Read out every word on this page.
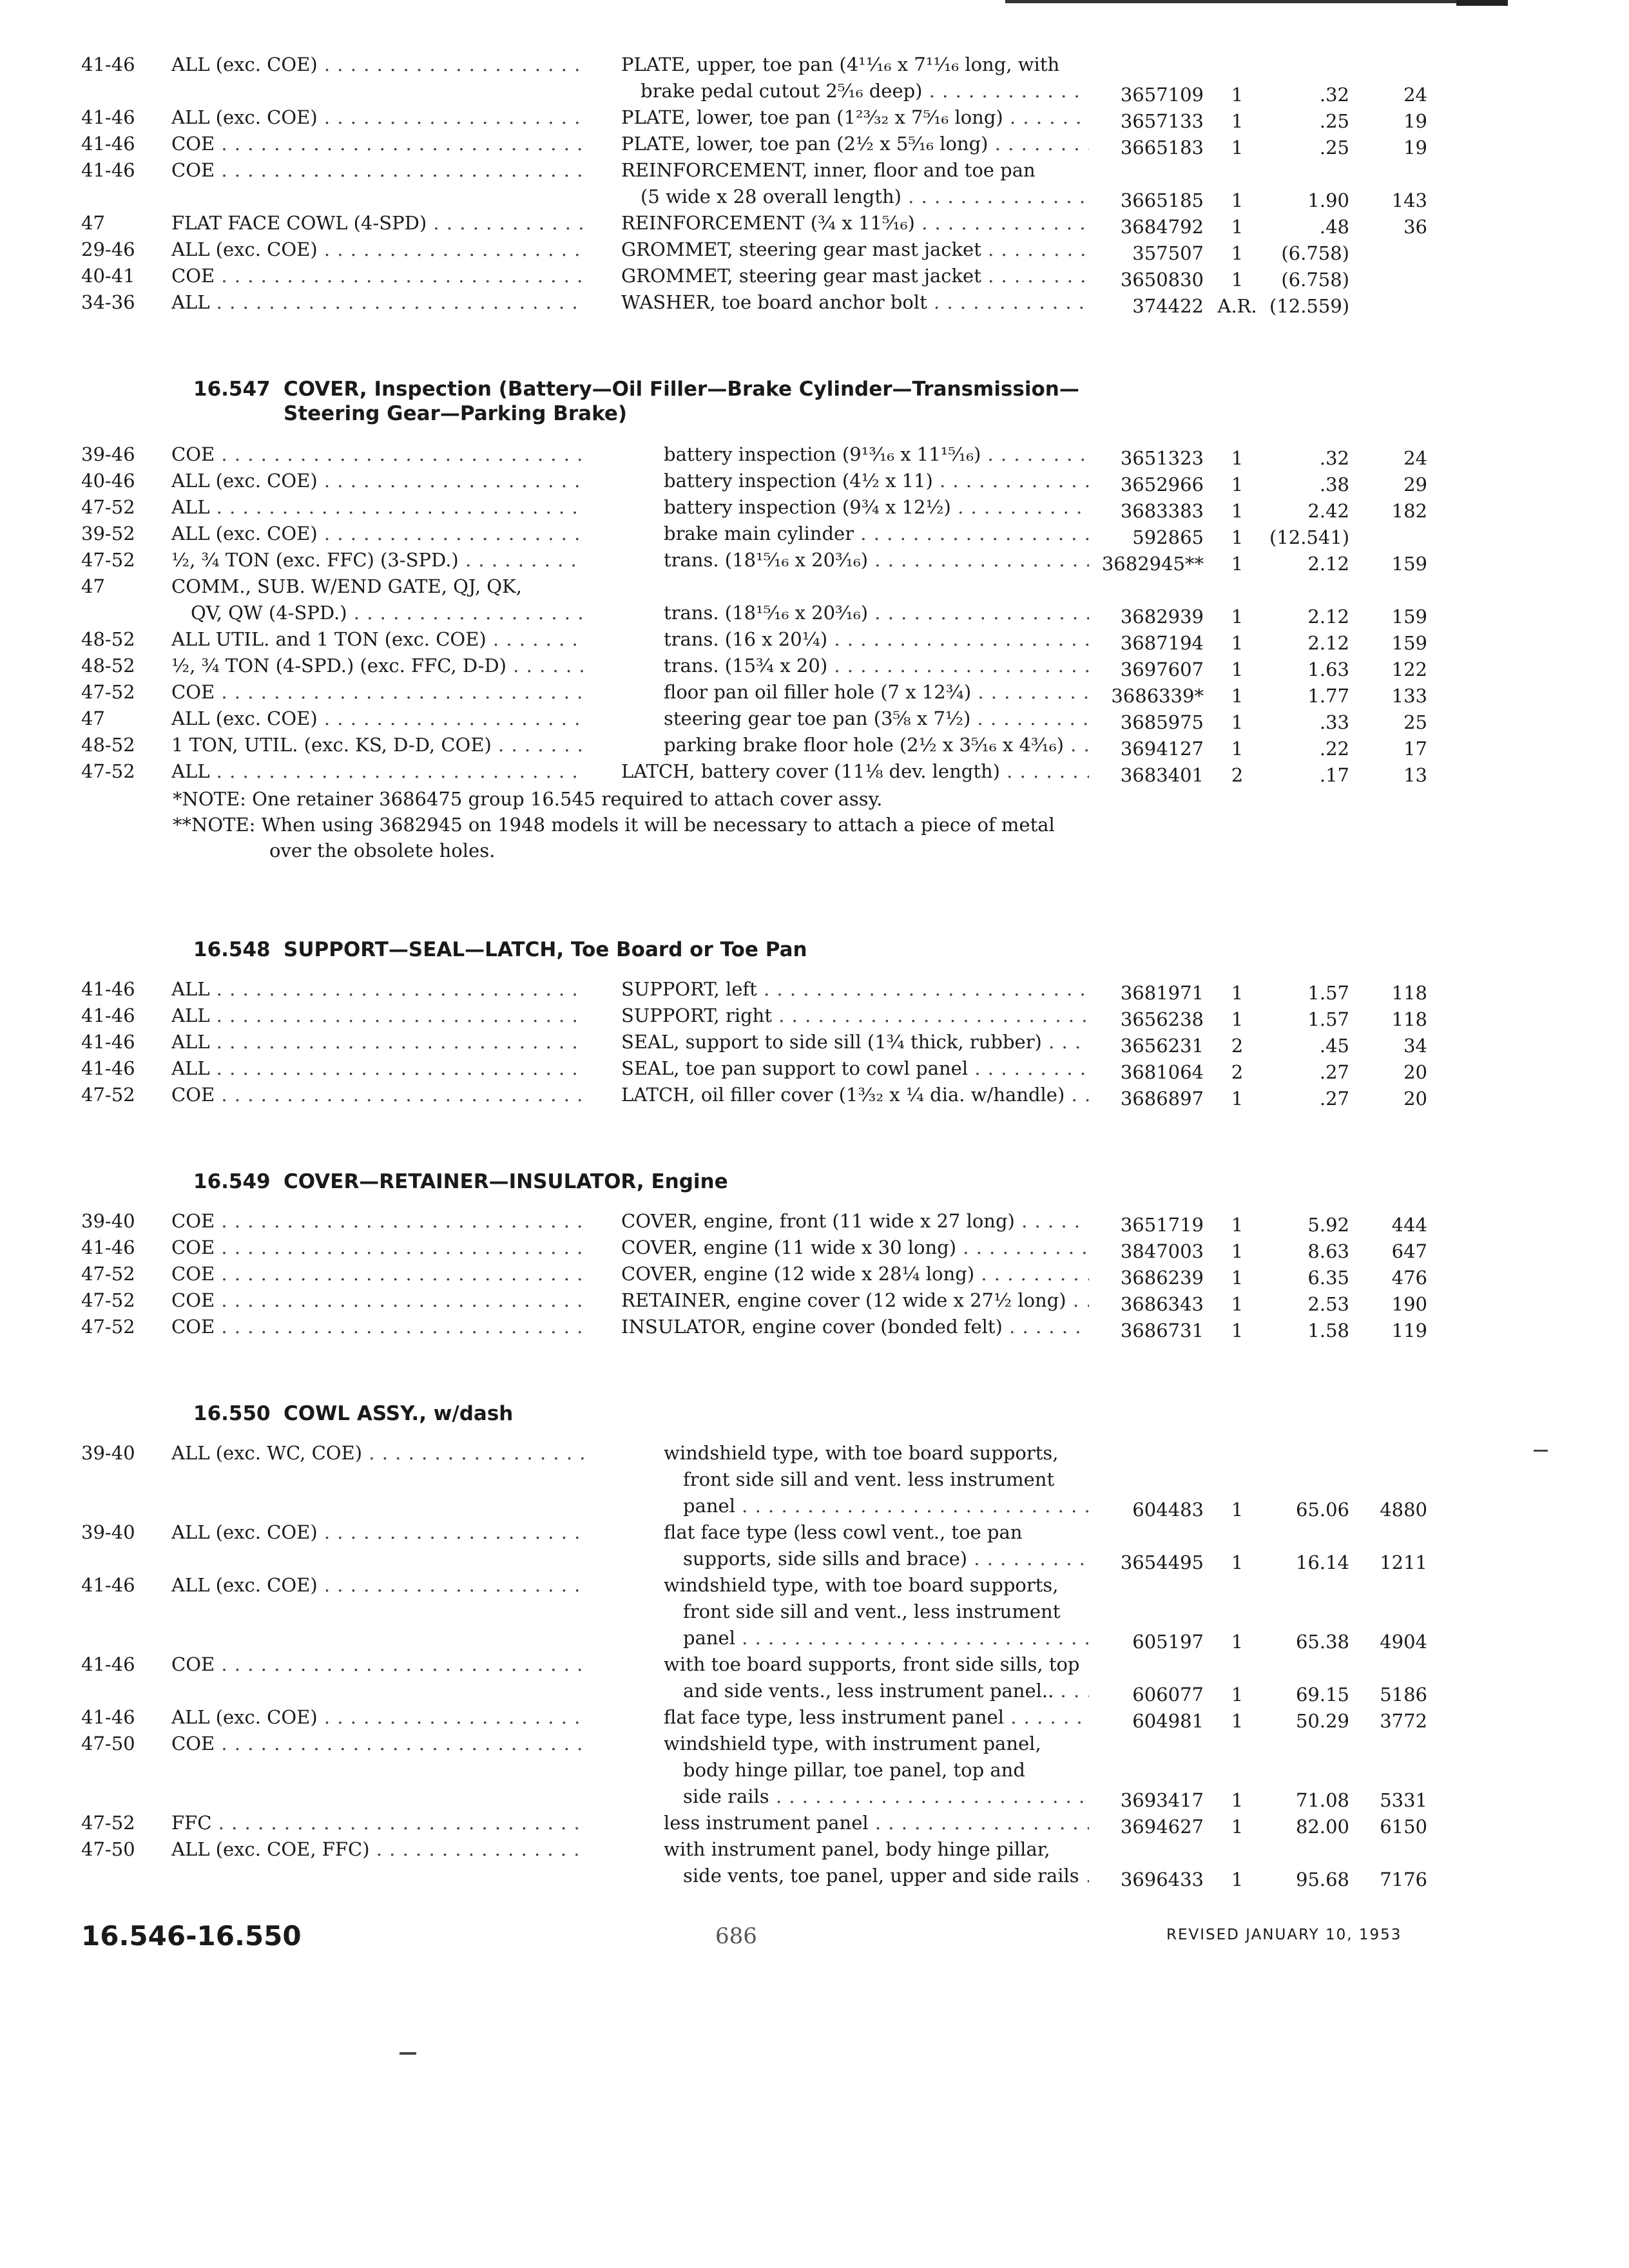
41-46 ALL (exc. COE) . . .	PLATE, upper, toe pan (4¹¹⁄₁₆ x 7¹¹⁄₁₆ long, with
brake pedal cutout 2⁵⁄₁₆ deep) . . .	3657109	1	.32	24
41-46 ALL (exc. COE) . . .	PLATE, lower, toe pan (1²³⁄₃₂ x 7⁵⁄₁₆ long) . . .	3657133	1	.25	19
41-46 COE . . .	PLATE, lower, toe pan (2½ x 5⁵⁄₁₆ long) . . .	3665183	1	.25	19
41-46 COE . . .	REINFORCEMENT, inner, floor and toe pan
(5 wide x 28 overall length) . . .	3665185	1	1.90	143
47	FLAT FACE COWL (4-SPD) . . .	REINFORCEMENT (¾ x 11⁵⁄₁₆) . . .	3684792	1	.48	36
29-46 ALL (exc. COE) . . .	GROMMET, steering gear mast jacket . . .	357507	1	(6.758)
40-41 COE . . .	GROMMET, steering gear mast jacket . . .	3650830	1	(6.758)
34-36 ALL . . .	WASHER, toe board anchor bolt . . .	374422 A.R. (12.559)
16.547 COVER, Inspection (Battery—Oil Filler—Brake Cylinder—Transmission—
Steering Gear—Parking Brake)
39-46 COE . . .	battery inspection (9¹³⁄₁₆ x 11¹⁵⁄₁₆) . . .	3651323	1	.32	24
40-46 ALL (exc. COE) . . .	battery inspection (4½ x 11) . . .	3652966	1	.38	29
47-52 ALL . . .	battery inspection (9¾ x 12½) . . .	3683383	1	2.42	182
39-52 ALL (exc. COE) . . .	brake main cylinder . . .	592865	1	(12.541)
47-52 ½, ¾ TON (exc. FFC) (3-SPD.) . . .	trans. (18¹⁵⁄₁₆ x 20³⁄₁₆) . . .	3682945**	1	2.12	159
47	COMM., SUB. W/END GATE, QJ, QK,
QV, QW (4-SPD.) . . .	trans. (18¹⁵⁄₁₆ x 20³⁄₁₆) . . .	3682939	1	2.12	159
48-52 ALL UTIL. and 1 TON (exc. COE) . . .	trans. (16 x 20¼) . . .	3687194	1	2.12	159
48-52 ½, ¾ TON (4-SPD.) (exc. FFC, D-D) . . .	trans. (15¾ x 20) . . .	3697607	1	1.63	122
47-52 COE . . .	floor pan oil filler hole (7 x 12¾) . . .	3686339*	1	1.77	133
47	ALL (exc. COE) . . .	steering gear toe pan (3⅝ x 7½) . . .	3685975	1	.33	25
48-52 1 TON, UTIL. (exc. KS, D-D, COE) . . .	parking brake floor hole (2½ x 3⁵⁄₁₆ x 4³⁄₁₆) . . .	3694127	1	.22	17
47-52 ALL . . .	LATCH, battery cover (11⅛ dev. length) . . .	3683401	2	.17	13
*NOTE: One retainer 3686475 group 16.545 required to attach cover assy.
**NOTE: When using 3682945 on 1948 models it will be necessary to attach a piece of metal
over the obsolete holes.
16.548 SUPPORT—SEAL—LATCH, Toe Board or Toe Pan
41-46 ALL . . .	SUPPORT, left . . .	3681971	1	1.57	118
41-46 ALL . . .	SUPPORT, right . . .	3656238	1	1.57	118
41-46 ALL . . .	SEAL, support to side sill (1¾ thick, rubber) . . .	3656231	2	.45	34
41-46 ALL . . .	SEAL, toe pan support to cowl panel . . .	3681064	2	.27	20
47-52 COE . . .	LATCH, oil filler cover (1³⁄₃₂ x ¼ dia. w/handle) . . .	3686897	1	.27	20
16.549 COVER—RETAINER—INSULATOR, Engine
39-40 COE . . .	COVER, engine, front (11 wide x 27 long) . . .	3651719	1	5.92	444
41-46 COE . . .	COVER, engine (11 wide x 30 long) . . .	3847003	1	8.63	647
47-52 COE . . .	COVER, engine (12 wide x 28¼ long) . . .	3686239	1	6.35	476
47-52 COE . . .	RETAINER, engine cover (12 wide x 27½ long) . . .	3686343	1	2.53	190
47-52 COE . . .	INSULATOR, engine cover (bonded felt) . . .	3686731	1	1.58	119
16.550 COWL ASSY., w/dash
39-40 ALL (exc. WC, COE) . . .	windshield type, with toe board supports,
front side sill and vent. less instrument
panel . . .	604483	1	65.06	4880
39-40 ALL (exc. COE) . . .	flat face type (less cowl vent., toe pan
supports, side sills and brace) . . .	3654495	1	16.14	1211
41-46 ALL (exc. COE) . . .	windshield type, with toe board supports,
front side sill and vent., less instrument
panel . . .	605197	1	65.38	4904
41-46 COE . . .	with toe board supports, front side sills, top
and side vents., less instrument panel.. . . .	606077	1	69.15	5186
41-46 ALL (exc. COE) . . .	flat face type, less instrument panel . . .	604981	1	50.29	3772
47-50 COE . . .	windshield type, with instrument panel,
body hinge pillar, toe panel, top and
side rails . . .	3693417	1	71.08	5331
47-52 FFC . . .	less instrument panel . . .	3694627	1	82.00	6150
47-50 ALL (exc. COE, FFC) . . .	with instrument panel, body hinge pillar,
side vents, toe panel, upper and side rails . . .	3696433	1	95.68	7176
16.546-16.550	686	REVISED JANUARY 10, 1953
